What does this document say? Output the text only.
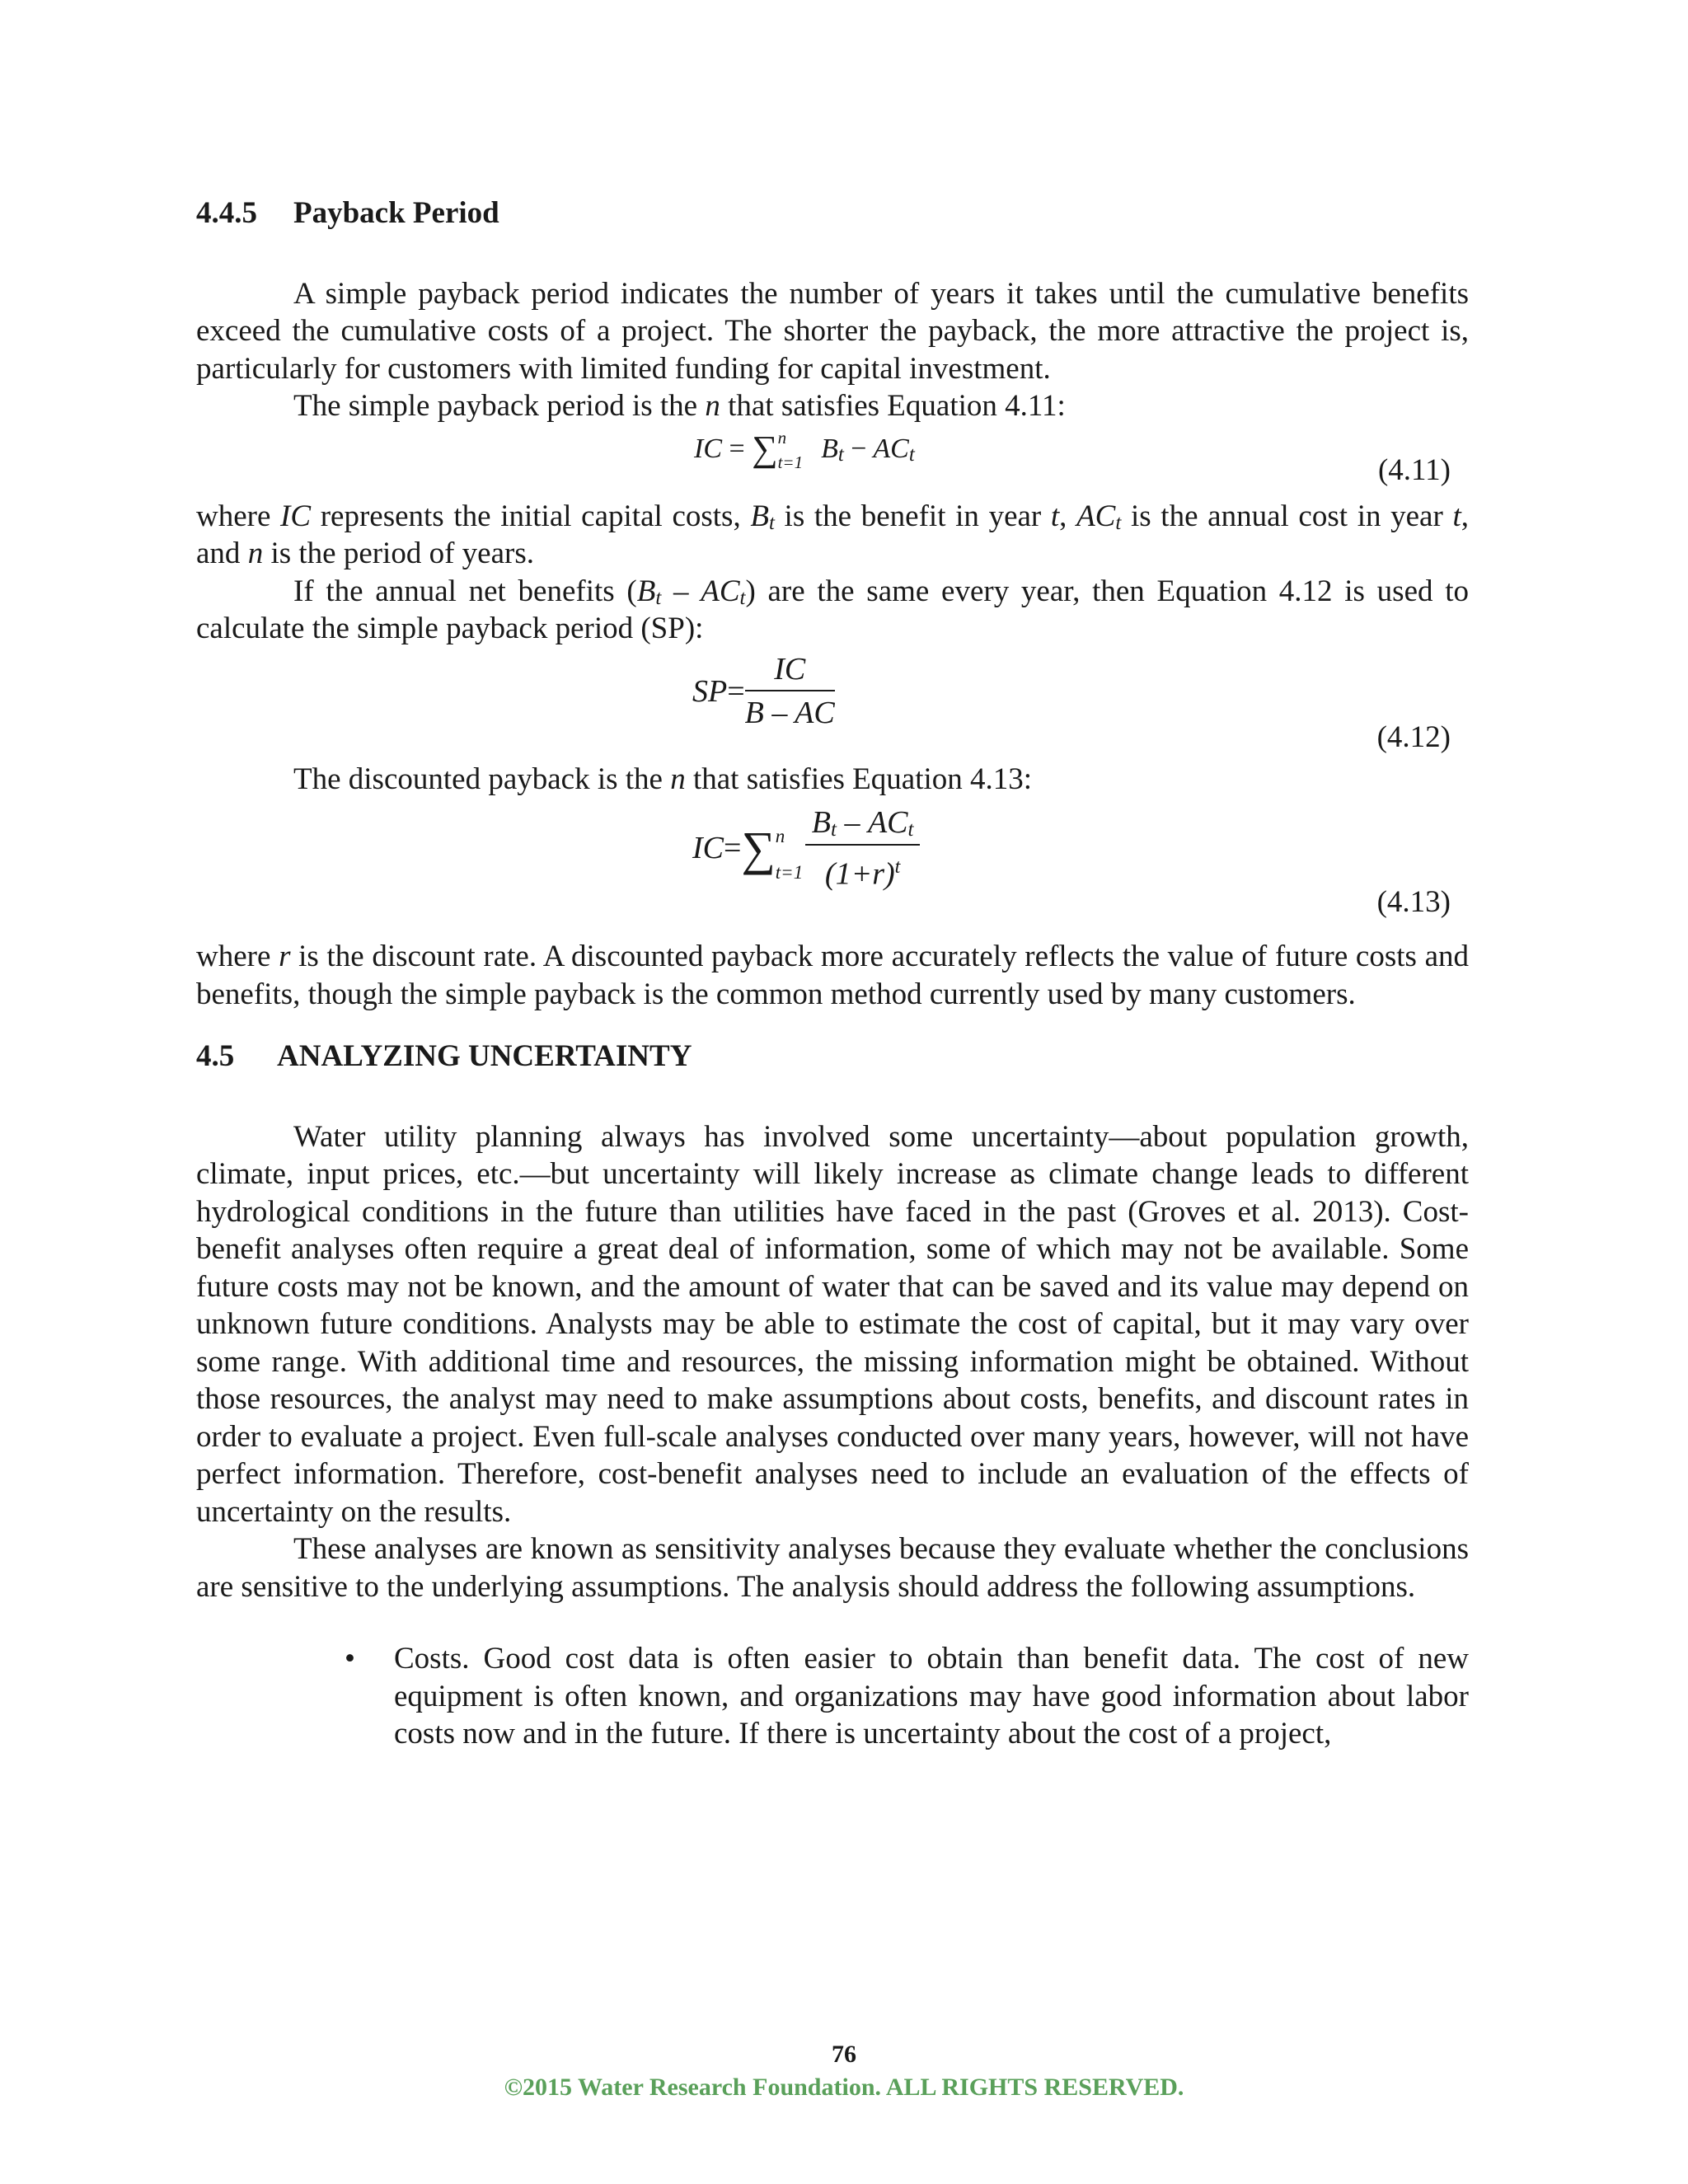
4.4.5 Payback Period

A simple payback period indicates the number of years it takes until the cumulative benefits exceed the cumulative costs of a project. The shorter the payback, the more attractive the project is, particularly for customers with limited funding for capital investment.

The simple payback period is the n that satisfies Equation 4.11:

IC = ∑ n
t=1 $B_t - AC_t$	(4.11)

where IC represents the initial capital costs, $B_t$ is the benefit in year t, $AC_t$ is the annual cost in year t, and n is the period of years.

If the annual net benefits $(B_t - AC_t)$ are the same every year, then Equation 4.12 is used to calculate the simple payback period (SP):

$SP= \frac{IC}{B - AC}$
(4.12)

The discounted payback is the n that satisfies Equation 4.13:

IC=∑ n
$t=1 \frac{B_t - AC_t}{(1+r)^t}$
(4.13)

where r is the discount rate. A discounted payback more accurately reflects the value of future costs and benefits, though the simple payback is the common method currently used by many customers.

4.5 ANALYZING UNCERTAINTY

Water utility planning always has involved some uncertainty—about population growth, climate, input prices, etc.—but uncertainty will likely increase as climate change leads to different hydrological conditions in the future than utilities have faced in the past (Groves et al. 2013). Cost-benefit analyses often require a great deal of information, some of which may not be available. Some future costs may not be known, and the amount of water that can be saved and its value may depend on unknown future conditions. Analysts may be able to estimate the cost of capital, but it may vary over some range. With additional time and resources, the missing information might be obtained. Without those resources, the analyst may need to make assumptions about costs, benefits, and discount rates in order to evaluate a project. Even full-scale analyses conducted over many years, however, will not have perfect information. Therefore, cost-benefit analyses need to include an evaluation of the effects of uncertainty on the results.

These analyses are known as sensitivity analyses because they evaluate whether the conclusions are sensitive to the underlying assumptions. The analysis should address the following assumptions.

• Costs. Good cost data is often easier to obtain than benefit data. The cost of new equipment is often known, and organizations may have good information about labor costs now and in the future. If there is uncertainty about the cost of a project,
76
©2015 Water Research Foundation. ALL RIGHTS RESERVED.
